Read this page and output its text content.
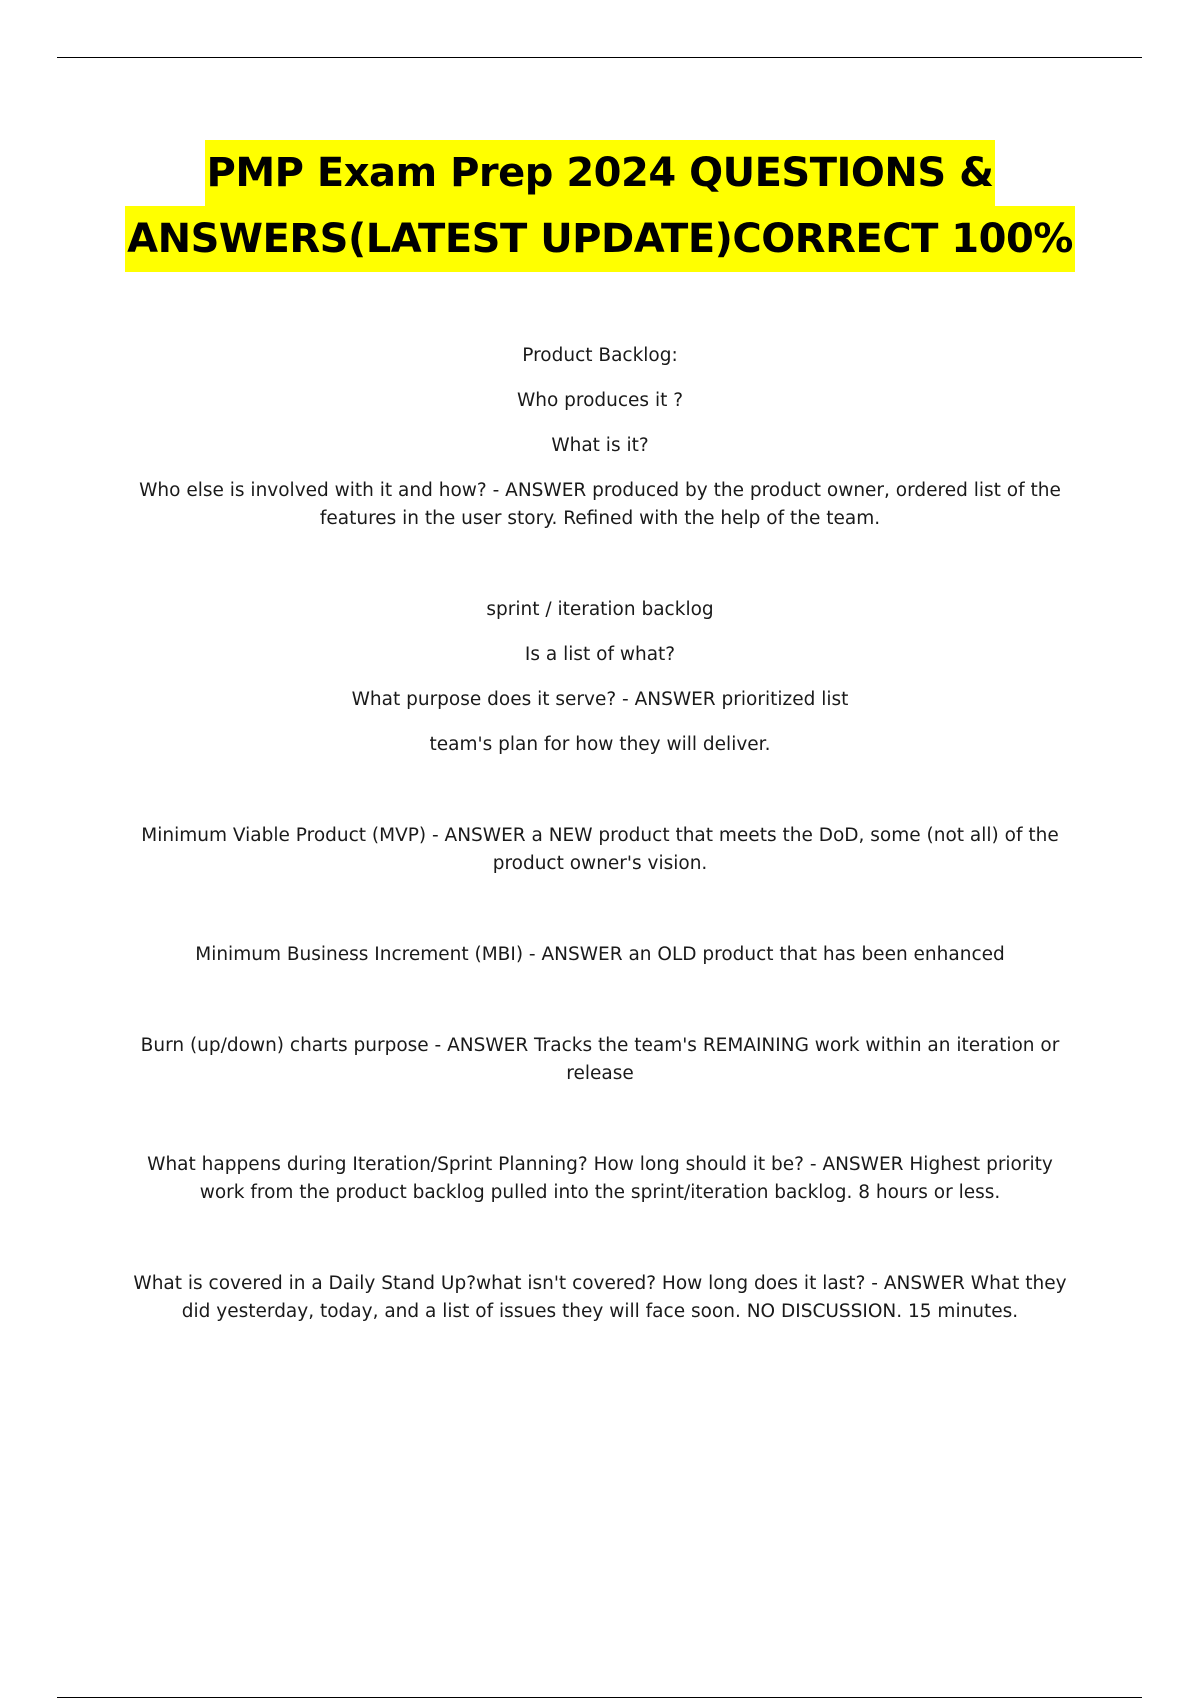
PMP Exam Prep 2024 QUESTIONS &
ANSWERS(LATEST UPDATE)CORRECT 100%

Product Backlog:

Who produces it ?

What is it?

Who else is involved with it and how? - ANSWER produced by the product owner, ordered list of the features in the user story. Refined with the help of the team.

sprint / iteration backlog

Is a list of what?

What purpose does it serve? - ANSWER prioritized list

team's plan for how they will deliver.

Minimum Viable Product (MVP) - ANSWER a NEW product that meets the DoD, some (not all) of the product owner's vision.

Minimum Business Increment (MBI) - ANSWER an OLD product that has been enhanced

Burn (up/down) charts purpose - ANSWER Tracks the team's REMAINING work within an iteration or release

What happens during Iteration/Sprint Planning? How long should it be? - ANSWER Highest priority work from the product backlog pulled into the sprint/iteration backlog. 8 hours or less.

What is covered in a Daily Stand Up?what isn't covered? How long does it last? - ANSWER What they did yesterday, today, and a list of issues they will face soon. NO DISCUSSION. 15 minutes.
